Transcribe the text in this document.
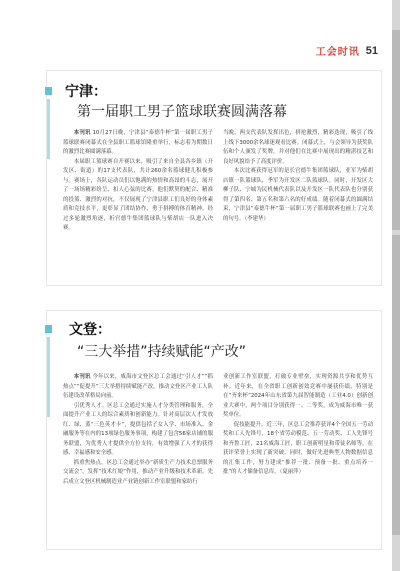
工会时讯 51
宁津：
第一届职工男子篮球联赛圆满落幕

本刊讯 10月27日晚，宁津县“泰德牛杯”第一届职工男子篮球联赛闭幕式在全县职工篮球馆隆重举行，标志着为期数日的激烈比赛圆满落幕。

本届职工篮球赛自开赛以来，吸引了来自全县各乡镇（开发区、街道）的17支代表队，共计260余名篮球健儿积极参与。赛场上，各队运动员们以饱满的热情和高昂的斗志，展开了一场场精彩纷呈、扣人心弦的比赛。他们默契的配合、精准的投篮、激烈的对抗，不仅展现了宁津县职工们良好的身体素质和竞技水平，更彰显了团结协作、勇于拼搏的体育精神。经过多轮激烈角逐，折官德牛集团篮球队与柴胡店一队进入决赛。

当晚，两支代表队发挥出色，拼抢激烈，精彩迭现，吸引了线上线下3000余名球迷观看比赛。闭幕式上，与会领导为获奖队伍和个人颁发了奖牌，并对他们在比赛中展现出的精湛技艺和良好风貌给予了高度评价。

本次比赛获得冠军的是长官德牛集团篮球队，亚军为柴胡店镇一队篮球队，季军为开发区二队篮球队。同时，开发区大柳子队、宁城为民机械代表队以及开发区一队代表队也分别获得了第四名、第五名和第六名的好成绩。随着闭幕式的圆满结束，宁津县“泰德牛杯”第一届职工男子篮球联赛也画上了完美的句号。（李建华）

文登：
“三大举措”持续赋能“产改”

本刊讯 今年以来，威海市文登区总工会通过“引人才”“抓热点”“促提升”三大举措持续赋能产改，推动文登区产业工人队伍建设改革格局向前。

引优秀人才。区总工会通过实施人才分类管理和服务，全面提升产业工人的综合素质和创新能力。针对高层次人才发放红、绿、蓝“三色英才卡”，提供包括子女入学、市场准入、金融服务等在内的13项绿色服务事项，构建了包含56家店铺的服务联盟，为优秀人才提供全方位支持，有效增强了人才的获得感、幸福感和安全感。

抓重焦热点。区总工会通过举办“新质生产力技术总票服务交流会”，发挥“技术红娘”作用，推动产业升级和技术革新。先后成立文登区机械制造业产业链创新工作室联盟和家纺行

业创新工作室联盟，打破专业壁垒，实现资源共享和优势互补。近年来，在全省职工创新创效竞赛中屡获佳绩，特别是在“齐来杯”2024年山东省第九届智能制造（工业4.0）创新创业大赛中，两个项目分别获得一、二等奖，成为威海市唯一获奖单位。

促技能提升。近三年，区总工会推荐获评4个全国五一劳动奖和工人先锋号，18个省劳动模范、五一劳动奖、工人先锋号和齐鲁工匠，21名威海工匠，职工创新明星和带徒名师等。在获评荣誉上实现了新突破，同时，做好先进典型人物数据信息的汇集工作，努力建成“推荐一批、预备一批、重点培养一批”的人才储备信息库。（夏丽萍）
